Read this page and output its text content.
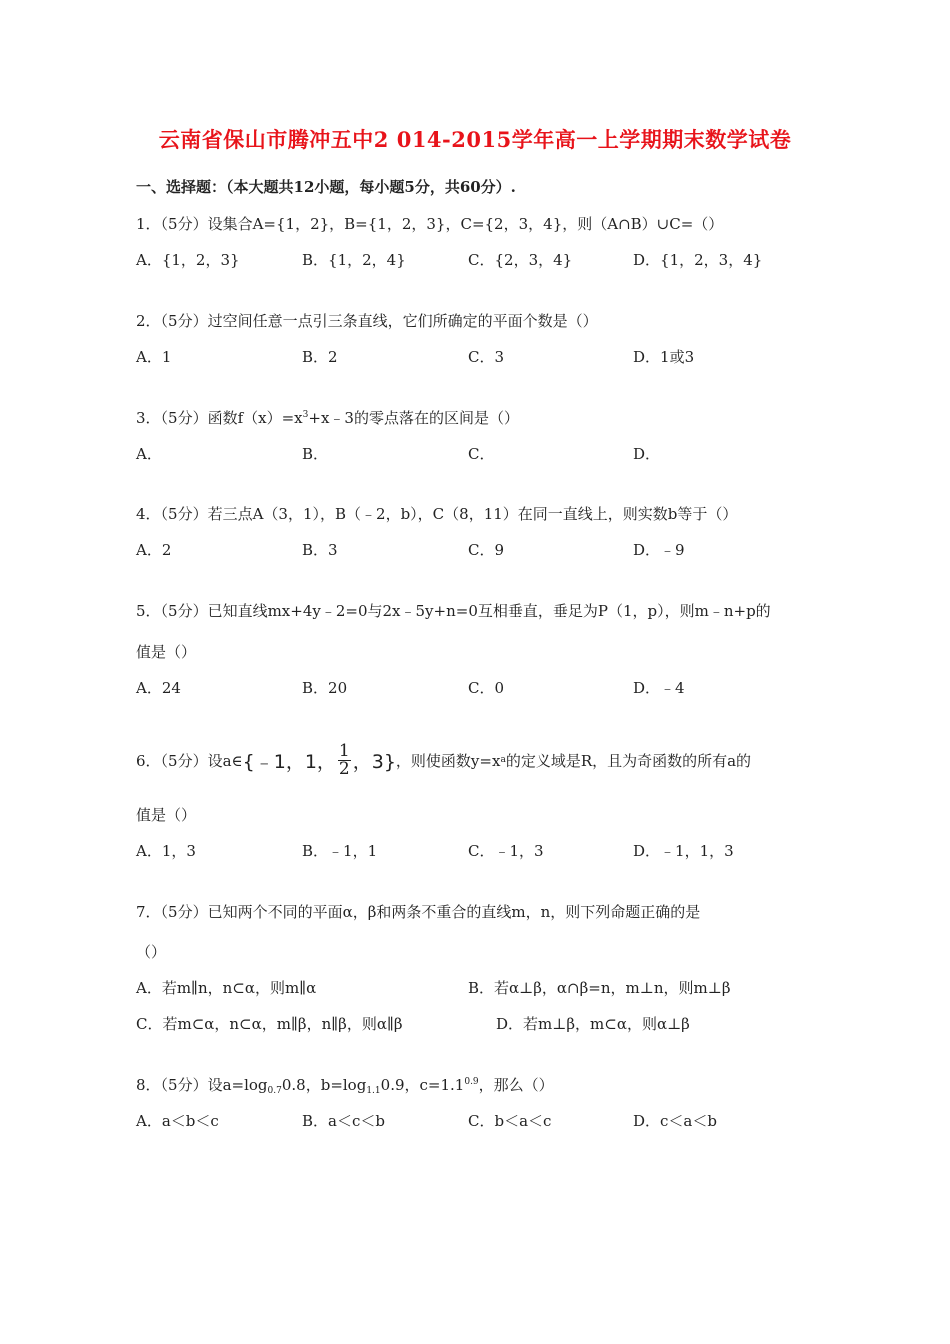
云南省保山市腾冲五中2 014-2015学年高一上学期期末数学试卷
一、选择题：（本大题共12小题，每小题5分，共60分）.
1．（5分）设集合A={1，2}，B={1，2，3}，C={2，3，4}，则（A∩B）∪C=（）
A．{1，2，3}	B．{1，2，4}	C．{2，3，4}	D．{1，2，3，4}
2．（5分）过空间任意一点引三条直线，它们所确定的平面个数是（）
A．1	B．2	C．3	D．1或3
3．（5分）函数$f(x)=x^3+x﹣3$的零点落在的区间是（）
A．	B．	C．	D．
4．（5分）若三点A（3，1），B（﹣2，b），C（8，11）在同一直线上，则实数b等于（）
A．2	B．3	C．9	D．﹣9
5．（5分）已知直线mx+4y﹣2=0与2x﹣5y+n=0互相垂直，垂足为P（1，p），则m﹣n+p的
值是（）
A．24	B．20	C．0	D．﹣4
6．（5分）设a∈ {﹣1，1， $\frac{1}{2}$ ，3} ，则使函数y=x a 的定义域是R，且为奇函数的所有a的
值是（）
A．1，3	B．﹣1，1	C．﹣1，3	D．﹣1，1，3
7．（5分）已知两个不同的平面α，β和两条不重合的直线m，n，则下列命题正确的是
（）
A．若m∥n，n⊂α，则m∥α	B．若α⊥β，α∩β=n，m⊥n，则m⊥β
C．若m⊂α，n⊂α，m∥β，n∥β，则α∥β	D．若m⊥β，m⊂α，则α⊥β
8．（5分）设$a=\log_{0.7}0.8$，$b=\log_{1.1}0.9$，$c=1.1^{0.9}$，那么（）
A．a＜b＜c	B．a＜c＜b	C．b＜a＜c	D．c＜a＜b
